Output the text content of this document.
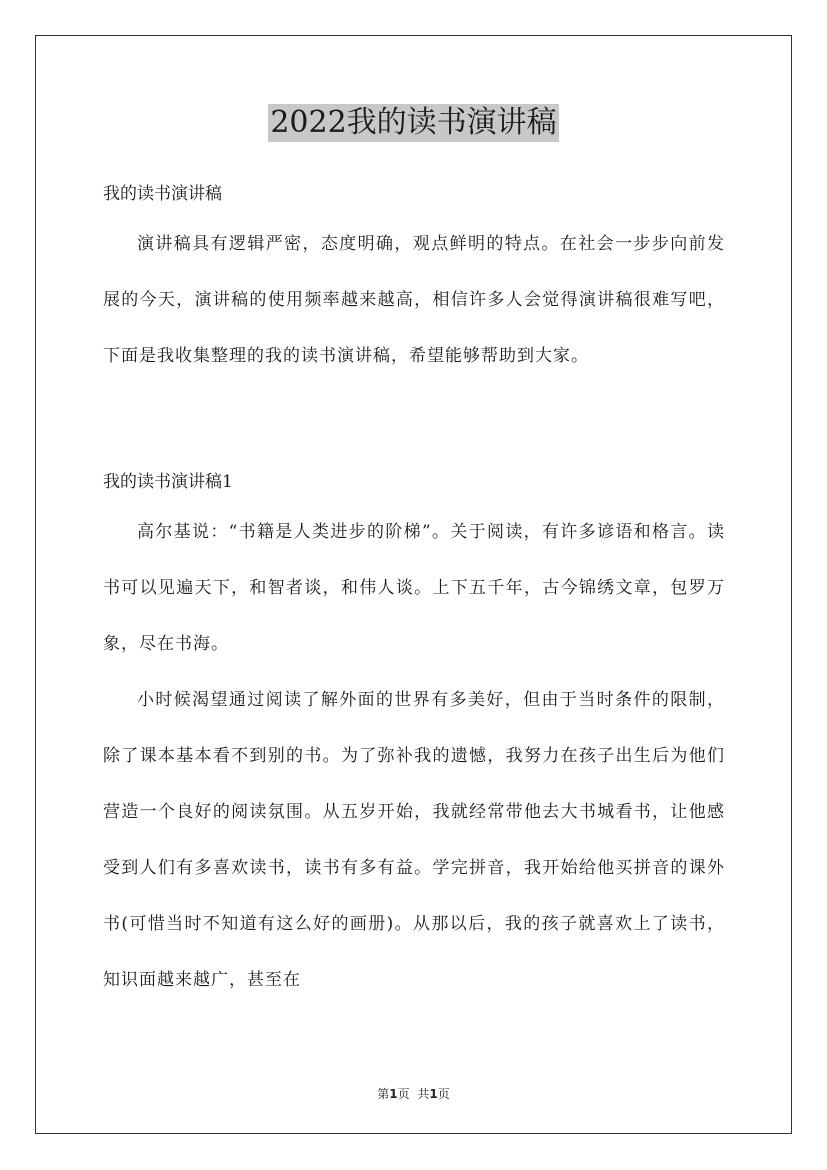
2022我的读书演讲稿

我的读书演讲稿

演讲稿具有逻辑严密，态度明确，观点鲜明的特点。在社会一步步向前发展的今天，演讲稿的使用频率越来越高，相信许多人会觉得演讲稿很难写吧，下面是我收集整理的我的读书演讲稿，希望能够帮助到大家。

我的读书演讲稿1

高尔基说：“书籍是人类进步的阶梯”。关于阅读，有许多谚语和格言。读书可以见遍天下，和智者谈，和伟人谈。上下五千年，古今锦绣文章，包罗万象，尽在书海。

小时候渴望通过阅读了解外面的世界有多美好，但由于当时条件的限制，除了课本基本看不到别的书。为了弥补我的遗憾，我努力在孩子出生后为他们营造一个良好的阅读氛围。从五岁开始，我就经常带他去大书城看书，让他感受到人们有多喜欢读书，读书有多有益。学完拼音，我开始给他买拼音的课外书(可惜当时不知道有这么好的画册)。从那以后，我的孩子就喜欢上了读书，知识面越来越广，甚至在

第1页 共1页
